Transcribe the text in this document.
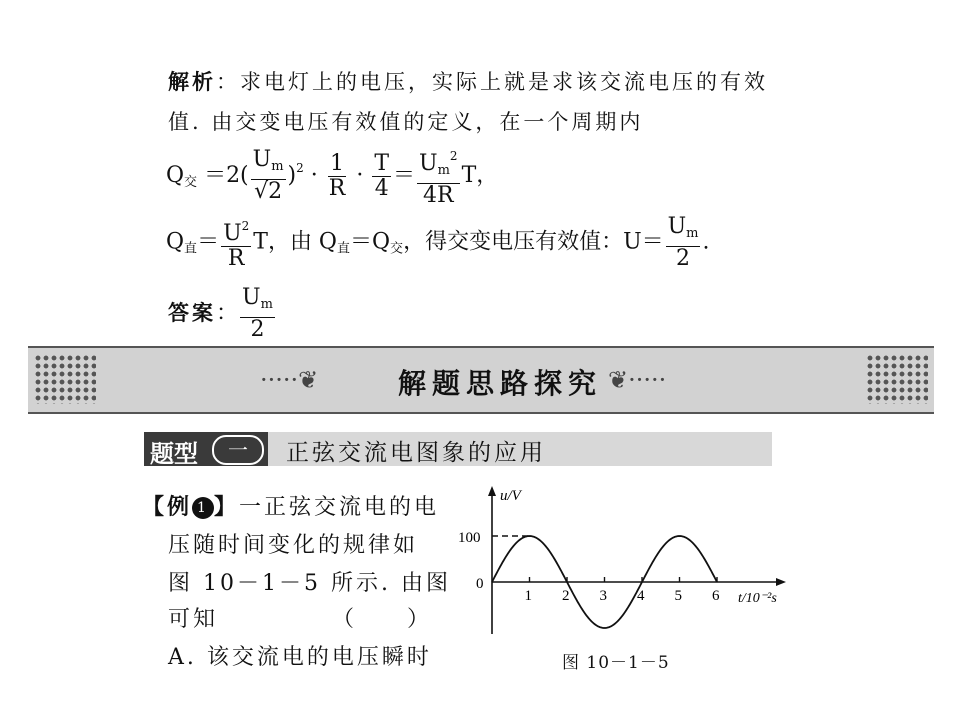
解析：求电灯上的电压，实际上就是求该交流电压的有效
值. 由交变电压有效值的定义，在一个周期内
$Q_交 =2( \frac{U_m}{√2} )^2 \cdot \frac{1}{R} \cdot \frac{T}{4} = \frac{U_m^2}{4R}$ T，
$Q_直= \frac{U^2}{R}$ T，由 $Q_直=Q_交$，得交变电压有效值：$U= \frac{U_m}{2}$ .
答案： $\frac{U_m}{2}$
·····❦	解题思路探究 ❦·····
题型	一	正弦交流电图象的应用
【例 1 】一正弦交流电的电
压随时间变化的规律如
图 10－1－5 所示. 由图
可知　　　　　（　　）
A. 该交流电的电压瞬时
u/V
t/10⁻²s
0
100
1 2 3 4 5 6
图 10－1－5
